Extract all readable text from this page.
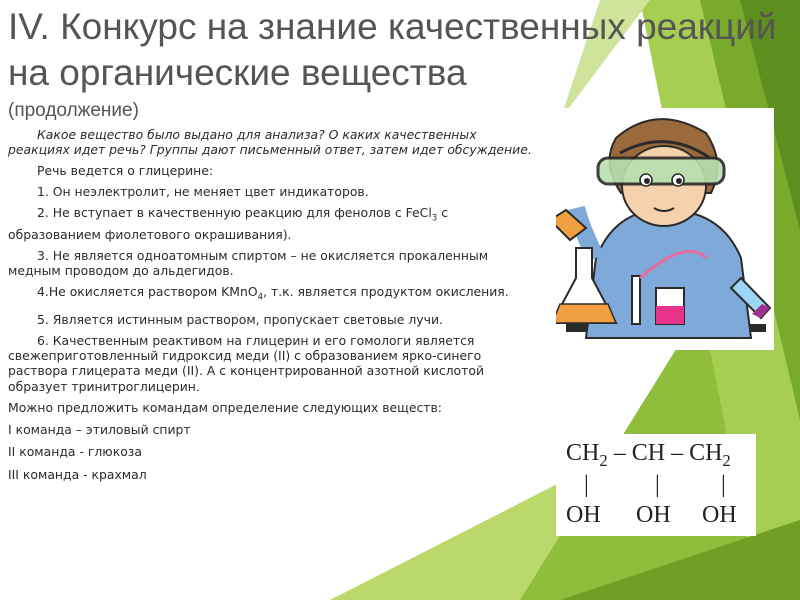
IV. Конкурс на знание качественных реакций
на органические вещества
(продолжение)

Какое вещество было выдано для анализа? О каких качественных реакциях идет речь? Группы дают письменный ответ, затем идет обсуждение.

Речь ведется о глицерине:

1. Он неэлектролит, не меняет цвет индикаторов.

2. Не вступает в качественную реакцию для фенолов с FeCl$_3$ с образованием фиолетового окрашивания).

3. Не является одноатомным спиртом – не окисляется прокаленным медным проводом до альдегидов.

4.Не окисляется раствором KMnO$_4$, т.к. является продуктом окисления.

5. Является истинным раствором, пропускает световые лучи.

6. Качественным реактивом на глицерин и его гомологи является свежеприготовленный гидроксид меди (II) с образованием ярко-синего раствора глицерата меди (II). А с концентрированной азотной кислотой образует тринитроглицерин.

Можно предложить командам определение следующих веществ:

I команда – этиловый спирт

II команда - глюкоза

III команда - крахмал

$CH_2$ – CH – $CH_2$
|	|	|
OH OH OH
